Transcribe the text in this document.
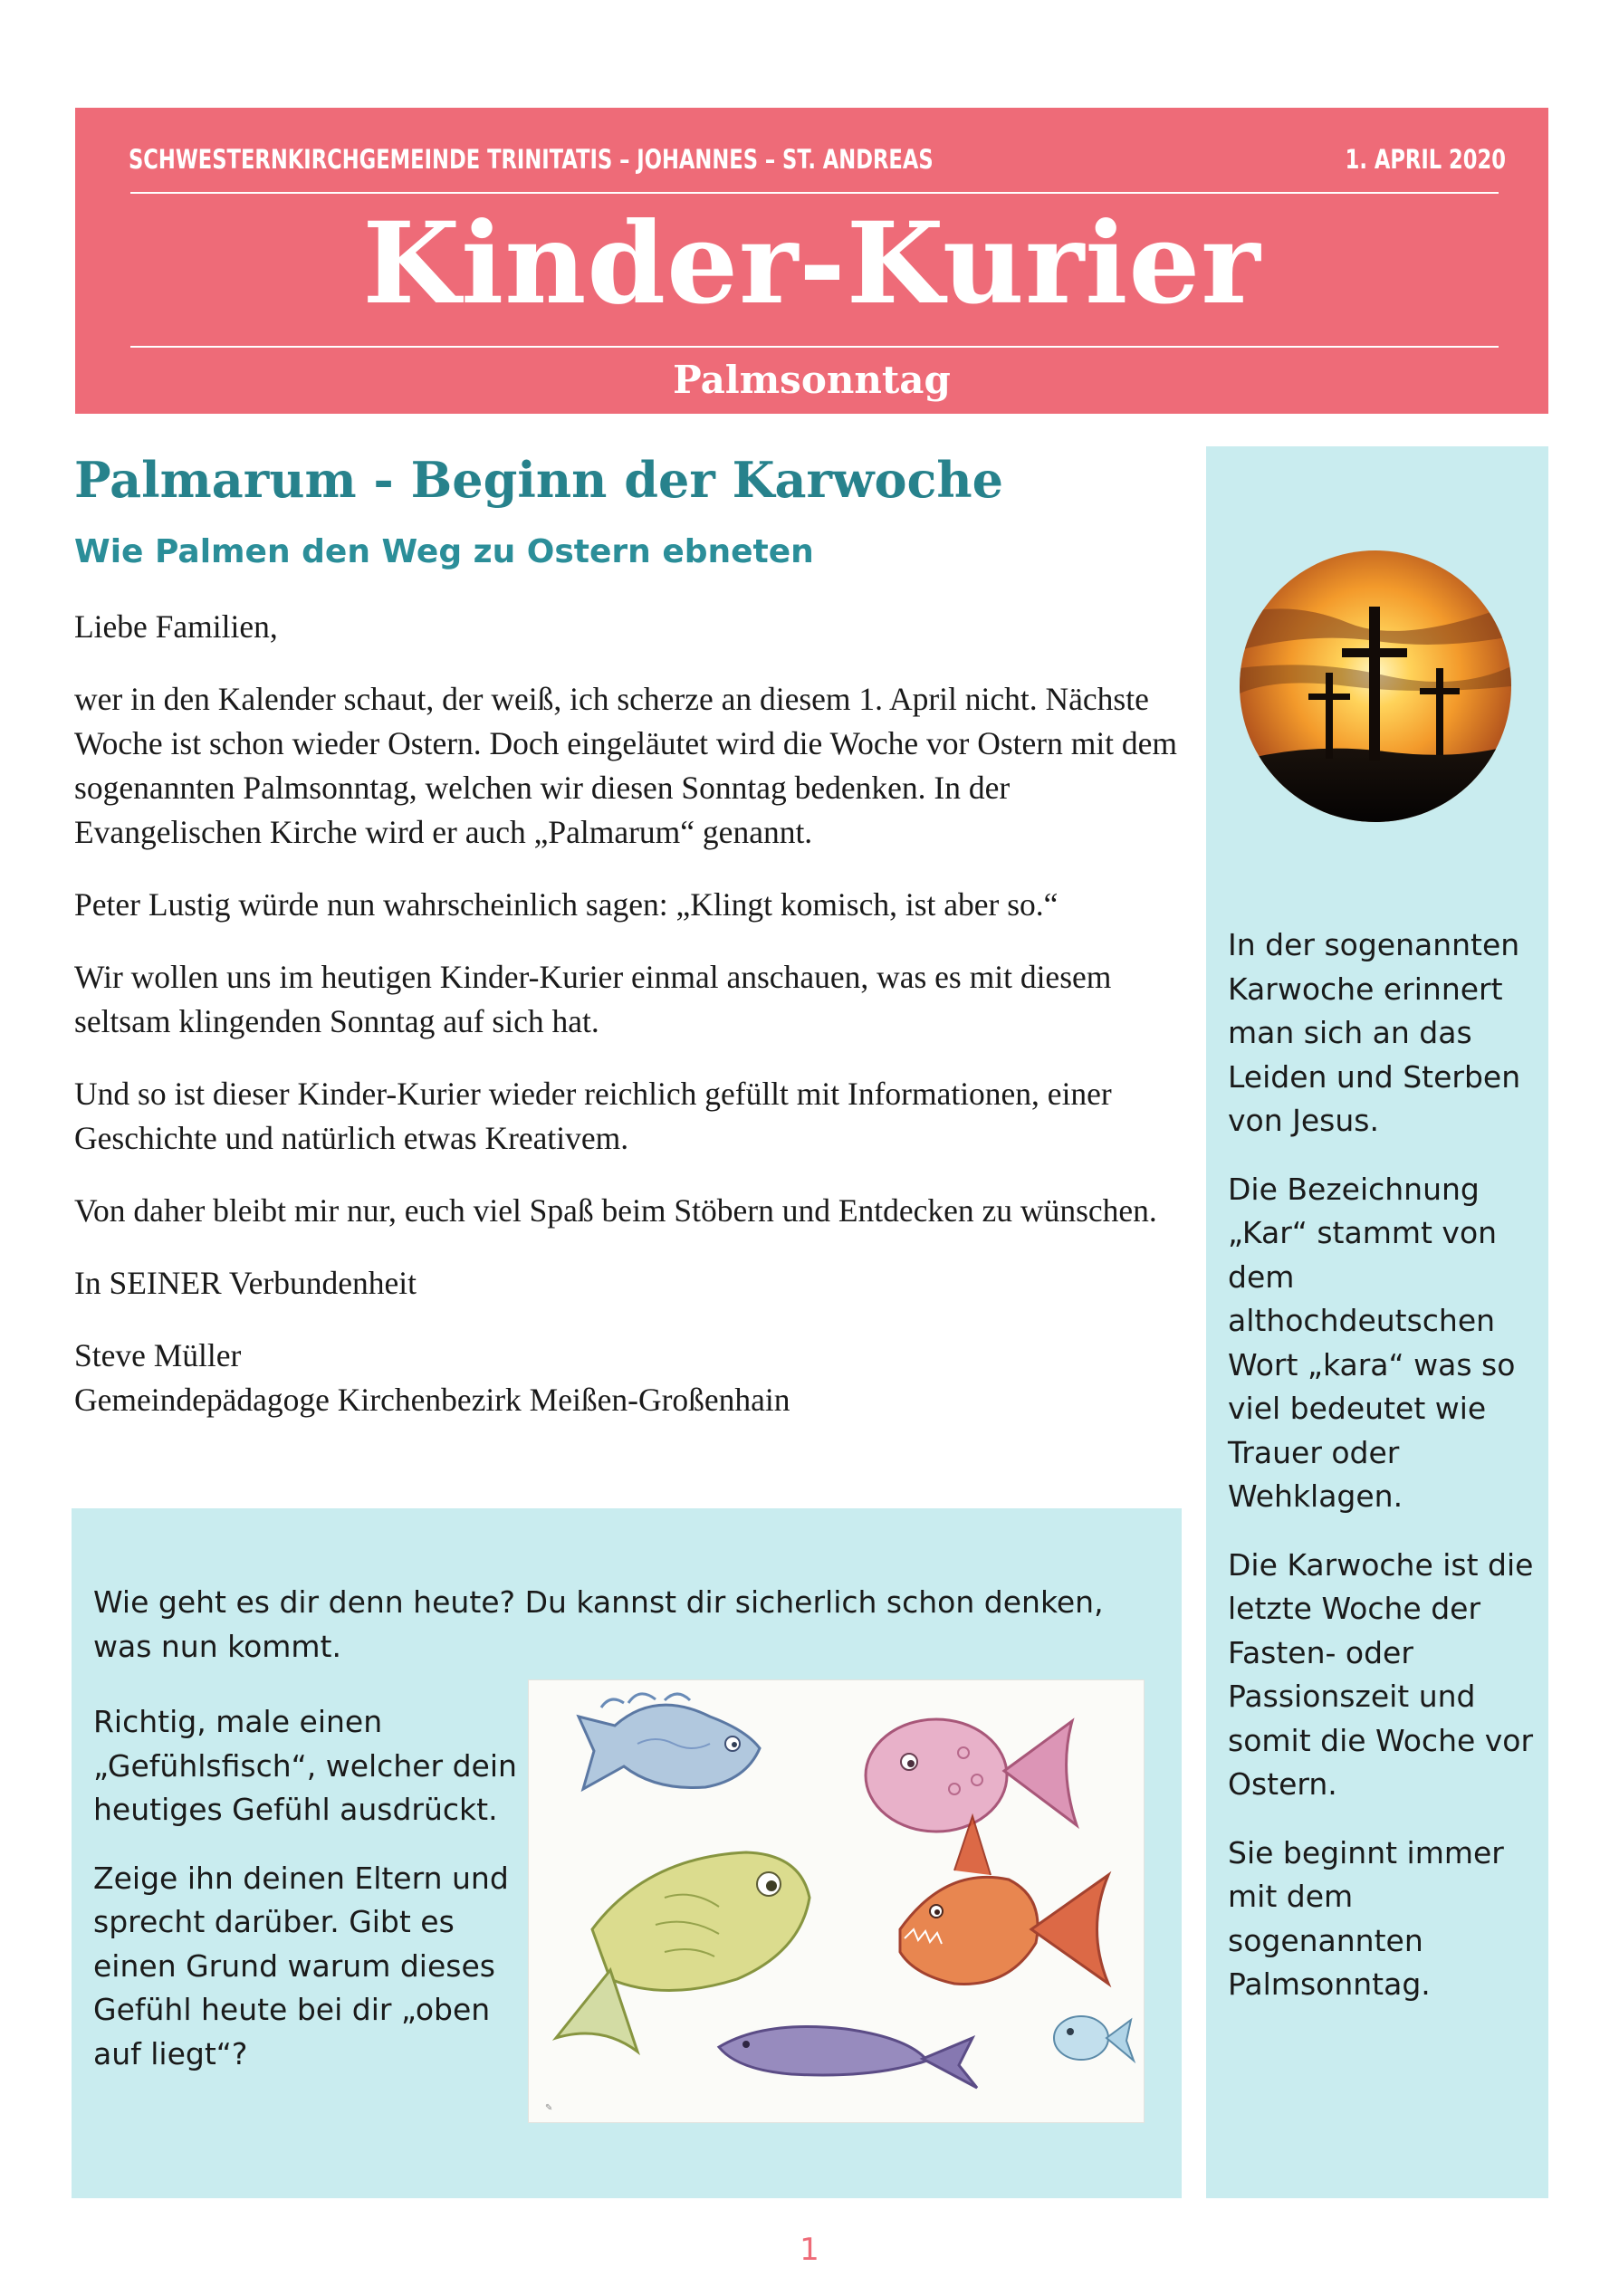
SCHWESTERNKIRCHGEMEINDE TRINITATIS – JOHANNES – ST. ANDREAS	1. APRIL 2020
Kinder-Kurier
Palmsonntag
Palmarum - Beginn der Karwoche
Wie Palmen den Weg zu Ostern ebneten

Liebe Familien,

wer in den Kalender schaut, der weiß, ich scherze an diesem 1. April nicht. Nächste Woche ist schon wieder Ostern. Doch eingeläutet wird die Woche vor Ostern mit dem sogenannten Palmsonntag, welchen wir diesen Sonntag bedenken. In der Evangelischen Kirche wird er auch „Palmarum“ genannt.

Peter Lustig würde nun wahrscheinlich sagen: „Klingt komisch, ist aber so.“

Wir wollen uns im heutigen Kinder-Kurier einmal anschauen, was es mit diesem seltsam klingenden Sonntag auf sich hat.

Und so ist dieser Kinder-Kurier wieder reichlich gefüllt mit Informationen, einer Geschichte und natürlich etwas Kreativem.

Von daher bleibt mir nur, euch viel Spaß beim Stöbern und Entdecken zu wünschen.

In SEINER Verbundenheit

Steve Müller

Gemeindepädagoge Kirchenbezirk Meißen-Großenhain

In der sogenannten Karwoche erinnert man sich an das Leiden und Sterben von Jesus.

Die Bezeichnung „Kar“ stammt von dem althochdeutschen Wort „kara“ was so viel bedeutet wie Trauer oder Wehklagen.

Die Karwoche ist die letzte Woche der Fasten- oder Passionszeit und somit die Woche vor Ostern.

Sie beginnt immer mit dem sogenannten Palmsonntag.

Wie geht es dir denn heute? Du kannst dir sicherlich schon denken, was nun kommt.

Richtig, male einen „Gefühlsfisch“, welcher dein heutiges Gefühl ausdrückt.

Zeige ihn deinen Eltern und sprecht darüber. Gibt es einen Grund warum dieses Gefühl heute bei dir „oben auf liegt“?

✎
1
